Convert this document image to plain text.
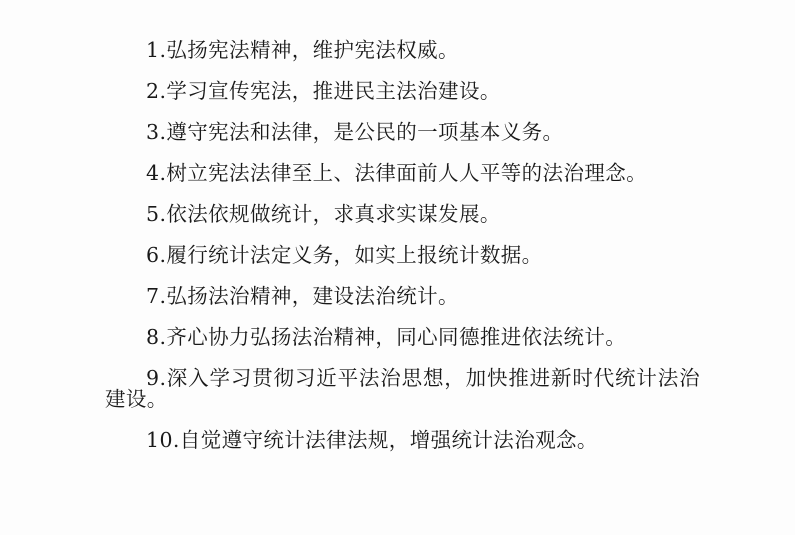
1.弘扬宪法精神，维护宪法权威。

2.学习宣传宪法，推进民主法治建设。

3.遵守宪法和法律，是公民的一项基本义务。

4.树立宪法法律至上、法律面前人人平等的法治理念。

5.依法依规做统计，求真求实谋发展。

6.履行统计法定义务，如实上报统计数据。

7.弘扬法治精神，建设法治统计。

8.齐心协力弘扬法治精神，同心同德推进依法统计。

9.深入学习贯彻习近平法治思想，加快推进新时代统计法治建设。

10.自觉遵守统计法律法规，增强统计法治观念。
